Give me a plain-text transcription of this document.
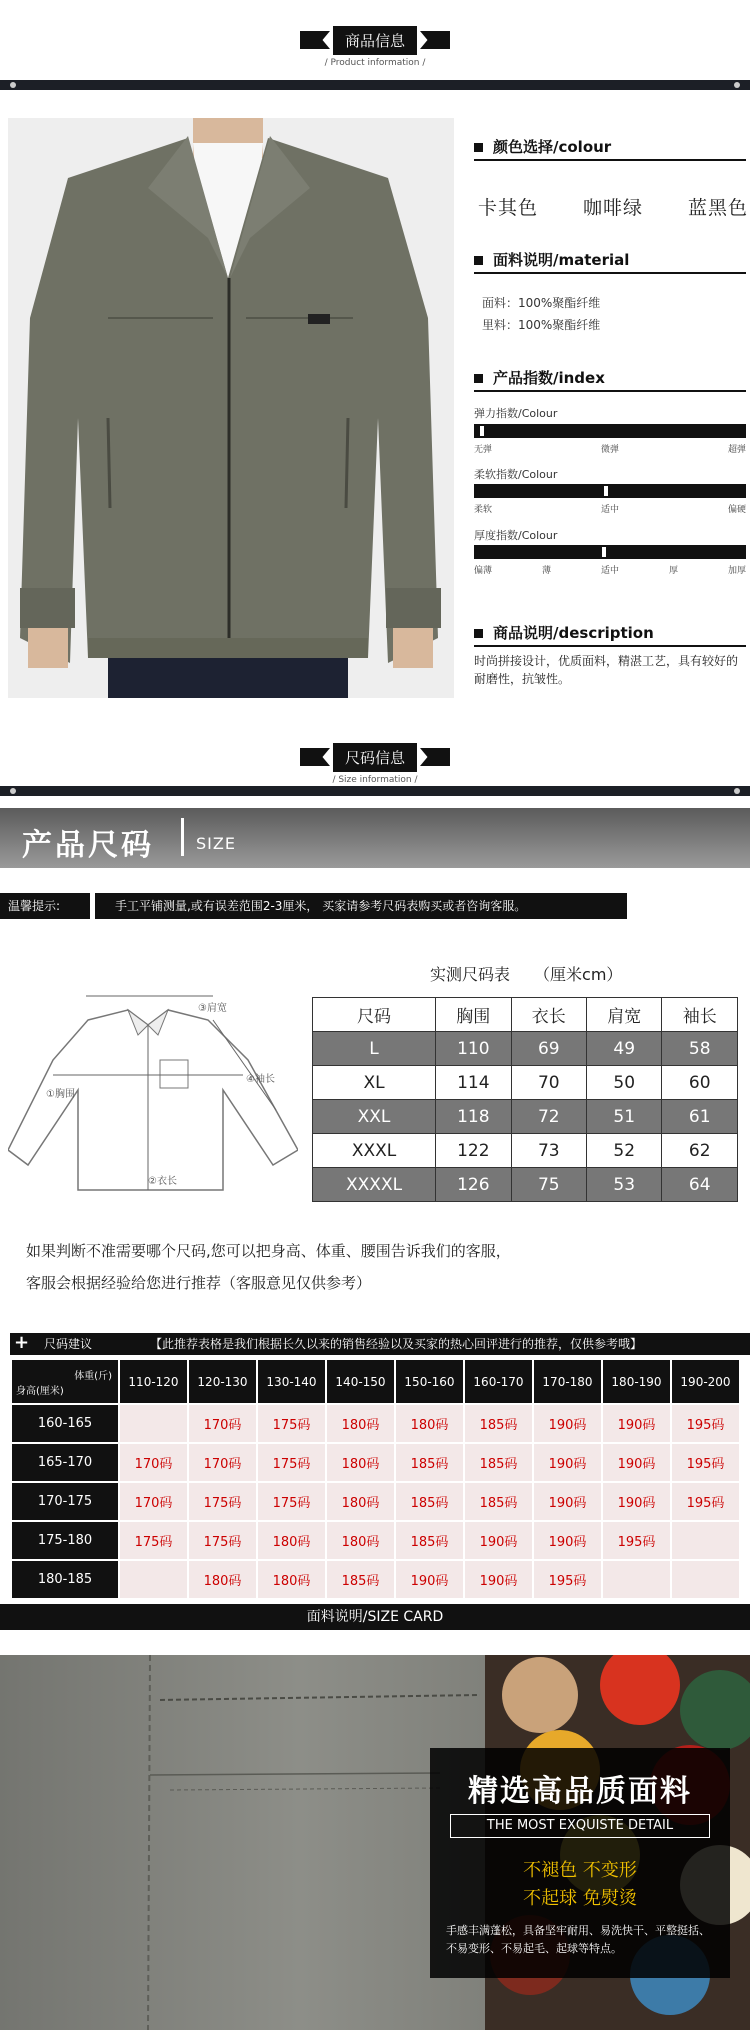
商品信息
/ Product information /
颜色选择/colour
卡其色 咖啡绿 蓝黑色
面料说明/material
面料：100%聚酯纤维
里料：100%聚酯纤维
产品指数/index
弹力指数/Colour
无弹	微弹	超弹
柔软指数/Colour
柔软	适中	偏硬
厚度指数/Colour
偏薄	薄	适中	厚	加厚
商品说明/description
时尚拼接设计，优质面料，精湛工艺，具有较好的耐磨性，抗皱性。
尺码信息
/ Size information /
产品尺码	SIZE
温馨提示:	手工平铺测量,或有误差范围2-3厘米， 买家请参考尺码表购买或者咨询客服。
③肩宽
④袖长
①胸围
②衣长
实测尺码表 （厘米cm）
尺码	胸围	衣长	肩宽	袖长
L	110	69	49	58
XL	114	70	50	60
XXL	118	72	51	61
XXXL	122	73	52	62
XXXXL	126	75	53	64
如果判断不准需要哪个尺码,您可以把身高、体重、腰围告诉我们的客服，
客服会根据经验给您进行推荐（客服意见仅供参考）
+ 尺码建议	【此推荐表格是我们根据长久以来的销售经验以及买家的热心回评进行的推荐，仅供参考哦】
体重(斤)
身高(厘米)	110-120	120-130	130-140	140-150	150-160	160-170	170-180	180-190	190-200
160-165		170码	175码	180码	180码	185码	190码	190码	195码
165-170	170码	170码	175码	180码	185码	185码	190码	190码	195码
170-175	170码	175码	175码	180码	185码	185码	190码	190码	195码
175-180	175码	175码	180码	180码	185码	190码	190码	195码	
180-185		180码	180码	185码	190码	190码	195码		
面料说明/SIZE CARD
精选高品质面料
THE MOST EXQUISTE DETAIL
不褪色 不变形
不起球 免熨烫
手感丰满蓬松，具备坚牢耐用、易洗快干、平整挺括、不易变形、不易起毛、起球等特点。
